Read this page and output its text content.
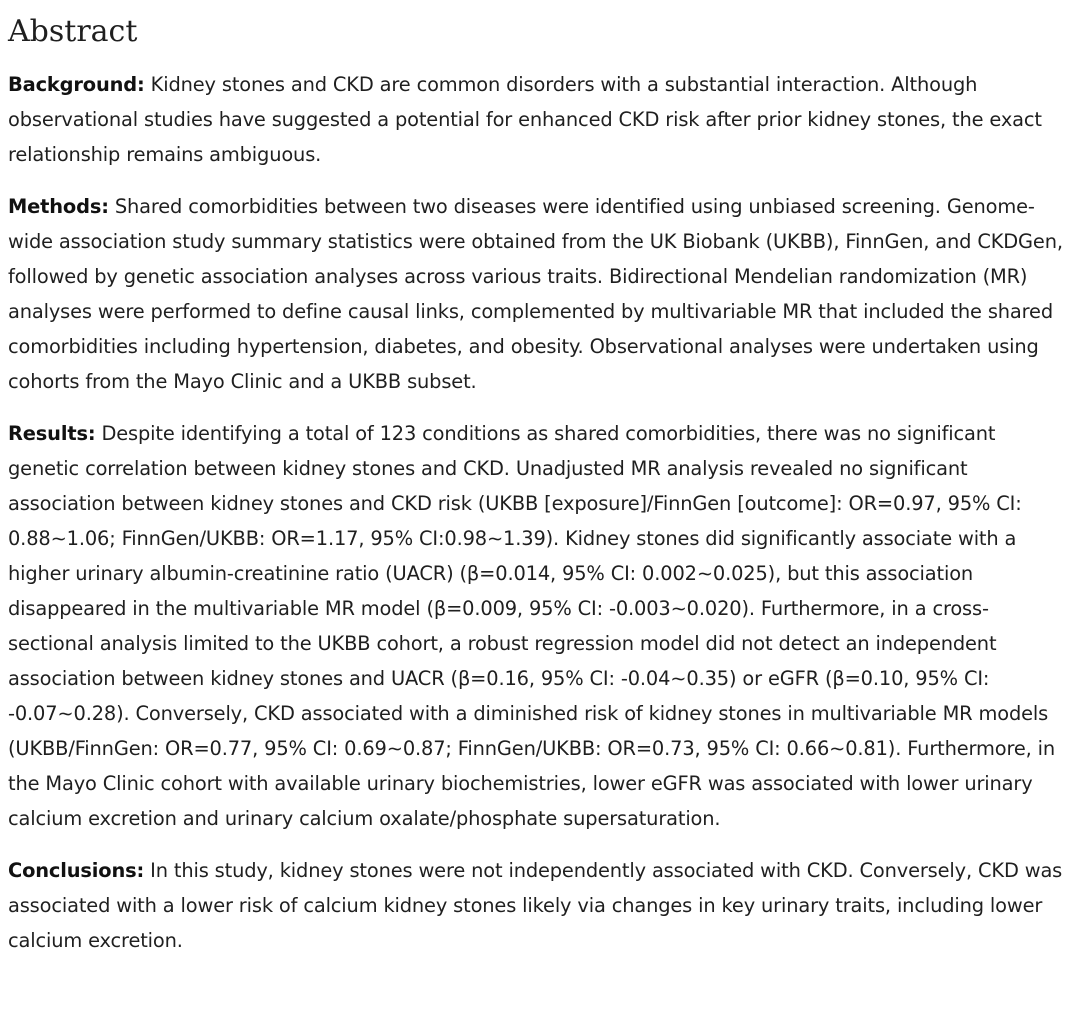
Abstract

Background: Kidney stones and CKD are common disorders with a substantial interaction. Although observational studies have suggested a potential for enhanced CKD risk after prior kidney stones, the exact relationship remains ambiguous.

Methods: Shared comorbidities between two diseases were identified using unbiased screening. Genome-wide association study summary statistics were obtained from the UK Biobank (UKBB), FinnGen, and CKDGen, followed by genetic association analyses across various traits. Bidirectional Mendelian randomization (MR) analyses were performed to define causal links, complemented by multivariable MR that included the shared comorbidities including hypertension, diabetes, and obesity. Observational analyses were undertaken using cohorts from the Mayo Clinic and a UKBB subset.

Results: Despite identifying a total of 123 conditions as shared comorbidities, there was no significant genetic correlation between kidney stones and CKD. Unadjusted MR analysis revealed no significant association between kidney stones and CKD risk (UKBB [exposure]/FinnGen [outcome]: OR=0.97, 95% CI: 0.88∼1.06; FinnGen/UKBB: OR=1.17, 95% CI:0.98∼1.39). Kidney stones did significantly associate with a higher urinary albumin-creatinine ratio (UACR) (β=0.014, 95% CI: 0.002∼0.025), but this association disappeared in the multivariable MR model (β=0.009, 95% CI: -0.003∼0.020). Furthermore, in a cross-sectional analysis limited to the UKBB cohort, a robust regression model did not detect an independent association between kidney stones and UACR (β=0.16, 95% CI: -0.04∼0.35) or eGFR (β=0.10, 95% CI: -0.07∼0.28). Conversely, CKD associated with a diminished risk of kidney stones in multivariable MR models (UKBB/FinnGen: OR=0.77, 95% CI: 0.69∼0.87; FinnGen/UKBB: OR=0.73, 95% CI: 0.66∼0.81). Furthermore, in the Mayo Clinic cohort with available urinary biochemistries, lower eGFR was associated with lower urinary calcium excretion and urinary calcium oxalate/phosphate supersaturation.

Conclusions: In this study, kidney stones were not independently associated with CKD. Conversely, CKD was associated with a lower risk of calcium kidney stones likely via changes in key urinary traits, including lower calcium excretion.
